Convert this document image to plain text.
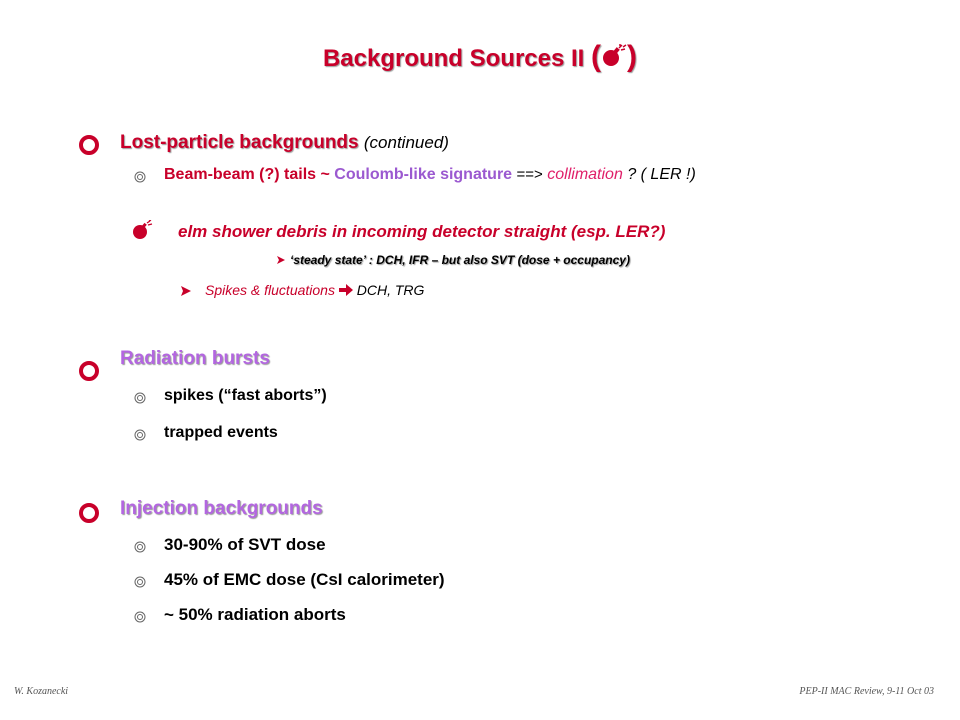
Background Sources II ( )
Lost-particle backgrounds (continued)
Beam-beam (?) tails ~ Coulomb-like signature ==> collimation ? ( LER !)
elm shower debris in incoming detector straight (esp. LER?)
‘steady state’ : DCH, IFR – but also SVT (dose + occupancy)
Spikes & fluctuations DCH, TRG
Radiation bursts
spikes (“fast aborts”)
trapped events
Injection backgrounds
30-90% of SVT dose
45% of EMC dose (CsI calorimeter)
~ 50% radiation aborts
W. Kozanecki	PEP-II MAC Review, 9-11 Oct 03
